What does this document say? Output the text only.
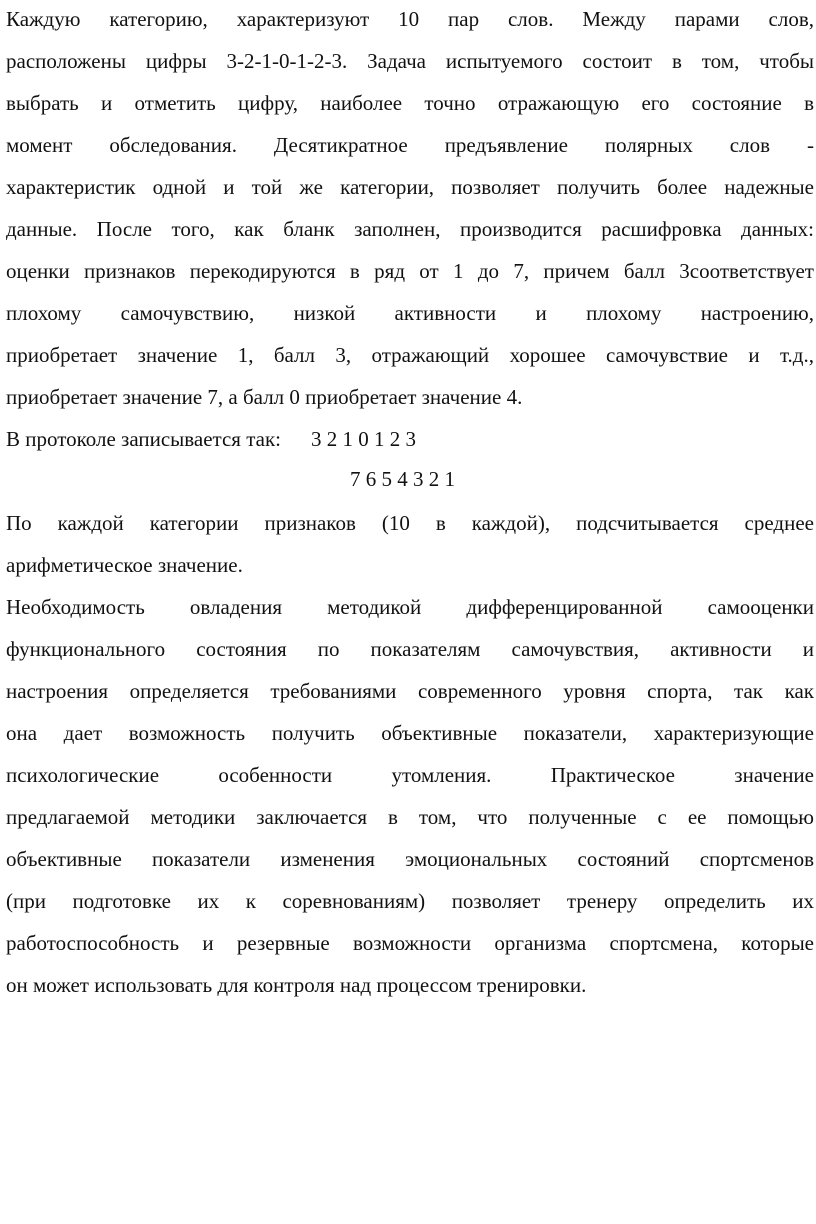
Каждую категорию, характеризуют 10 пар слов. Между парами слов,
расположены цифры 3-2-1-0-1-2-3. Задача испытуемого состоит в том, чтобы
выбрать и отметить цифру, наиболее точно отражающую его состояние в
момент обследования. Десятикратное предъявление полярных слов -
характеристик одной и той же категории, позволяет получить более надежные
данные. После того, как бланк заполнен, производится расшифровка данных:
оценки признаков перекодируются в ряд от 1 до 7, причем балл 3соответствует
плохому самочувствию, низкой активности и плохому настроению,
приобретает значение 1, балл 3, отражающий хорошее самочувствие и т.д.,
приобретает значение 7, а балл 0 приобретает значение 4.
В протоколе записывается так: 3 2 1 0 1 2 3
7 6 5 4 3 2 1
По каждой категории признаков (10 в каждой), подсчитывается среднее
арифметическое значение.
Необходимость овладения методикой дифференцированной самооценки
функционального состояния по показателям самочувствия, активности и
настроения определяется требованиями современного уровня спорта, так как
она дает возможность получить объективные показатели, характеризующие
психологические особенности утомления. Практическое значение
предлагаемой методики заключается в том, что полученные с ее помощью
объективные показатели изменения эмоциональных состояний спортсменов
(при подготовке их к соревнованиям) позволяет тренеру определить их
работоспособность и резервные возможности организма спортсмена, которые
он может использовать для контроля над процессом тренировки.
